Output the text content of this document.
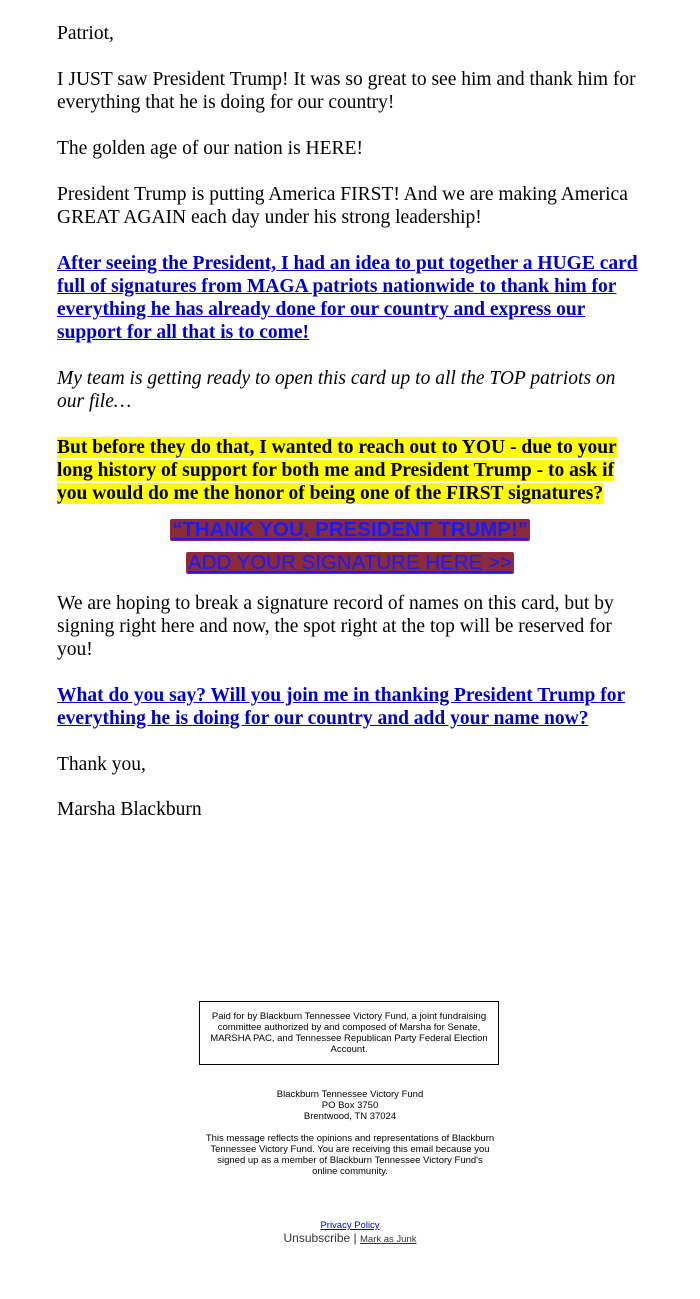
Patriot,

I JUST saw President Trump! It was so great to see him and thank him for everything that he is doing for our country!

The golden age of our nation is HERE!

President Trump is putting America FIRST! And we are making America GREAT AGAIN each day under his strong leadership!

After seeing the President, I had an idea to put together a HUGE card full of signatures from MAGA patriots nationwide to thank him for everything he has already done for our country and express our support for all that is to come!

My team is getting ready to open this card up to all the TOP patriots on our file…

But before they do that, I wanted to reach out to YOU - due to your long history of support for both me and President Trump - to ask if you would do me the honor of being one of the FIRST signatures?

“THANK YOU, PRESIDENT TRUMP!”
ADD YOUR SIGNATURE HERE >>

We are hoping to break a signature record of names on this card, but by signing right here and now, the spot right at the top will be reserved for you!

What do you say? Will you join me in thanking President Trump for everything he is doing for our country and add your name now?

Thank you,

Marsha Blackburn

Paid for by Blackburn Tennessee Victory Fund, a joint fundraising committee authorized by and composed of Marsha for Senate, MARSHA PAC, and Tennessee Republican Party Federal Election Account.
Blackburn Tennessee Victory Fund
PO Box 3750
Brentwood, TN 37024
This message reflects the opinions and representations of Blackburn Tennessee Victory Fund. You are receiving this email because you signed up as a member of Blackburn Tennessee Victory Fund's online community.
Privacy Policy
Unsubscribe | Mark as Junk
